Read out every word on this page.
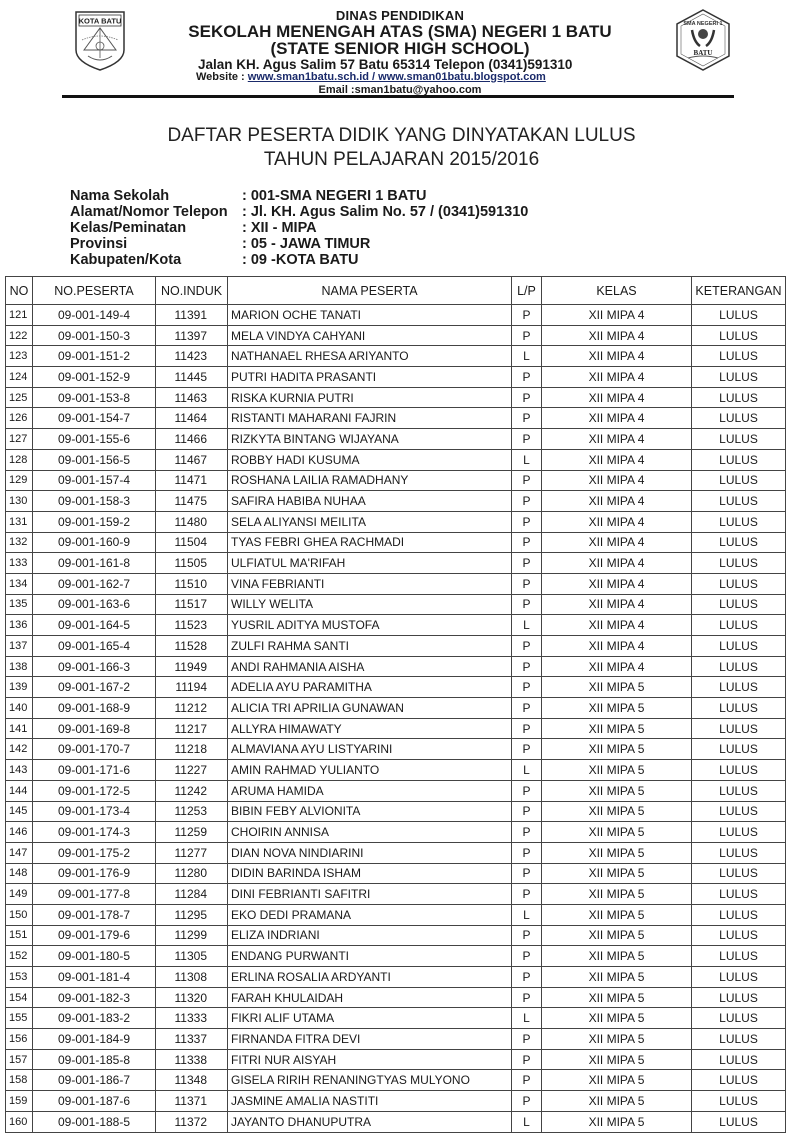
KOTA BATU	DINAS PENDIDIKAN
SEKOLAH MENENGAH ATAS (SMA) NEGERI 1 BATU
(STATE SENIOR HIGH SCHOOL)
Jalan KH. Agus Salim 57 Batu 65314 Telepon (0341)591310
Website : www.sman1batu.sch.id / www.sman01batu.blogspot.com
Email :sman1batu@yahoo.com
SMA NEGERI 1
BATU
DAFTAR PESERTA DIDIK YANG DINYATAKAN LULUS
TAHUN PELAJARAN 2015/2016
Nama Sekolah	: 001-SMA NEGERI 1 BATU
Alamat/Nomor Telepon : Jl. KH. Agus Salim No. 57 / (0341)591310
Kelas/Peminatan	: XII - MIPA
Provinsi	: 05 - JAWA TIMUR
Kabupaten/Kota	: 09 -KOTA BATU
NO	NO.PESERTA	NO.INDUK	NAMA PESERTA	L/P	KELAS	KETERANGAN
121	09-001-149-4	11391	MARION OCHE TANATI	P	XII MIPA 4	LULUS
122	09-001-150-3	11397	MELA VINDYA CAHYANI	P	XII MIPA 4	LULUS
123	09-001-151-2	11423	NATHANAEL RHESA ARIYANTO	L	XII MIPA 4	LULUS
124	09-001-152-9	11445	PUTRI HADITA PRASANTI	P	XII MIPA 4	LULUS
125	09-001-153-8	11463	RISKA KURNIA PUTRI	P	XII MIPA 4	LULUS
126	09-001-154-7	11464	RISTANTI MAHARANI FAJRIN	P	XII MIPA 4	LULUS
127	09-001-155-6	11466	RIZKYTA BINTANG WIJAYANA	P	XII MIPA 4	LULUS
128	09-001-156-5	11467	ROBBY HADI KUSUMA	L	XII MIPA 4	LULUS
129	09-001-157-4	11471	ROSHANA LAILIA RAMADHANY	P	XII MIPA 4	LULUS
130	09-001-158-3	11475	SAFIRA HABIBA NUHAA	P	XII MIPA 4	LULUS
131	09-001-159-2	11480	SELA ALIYANSI MEILITA	P	XII MIPA 4	LULUS
132	09-001-160-9	11504	TYAS FEBRI GHEA RACHMADI	P	XII MIPA 4	LULUS
133	09-001-161-8	11505	ULFIATUL MA'RIFAH	P	XII MIPA 4	LULUS
134	09-001-162-7	11510	VINA FEBRIANTI	P	XII MIPA 4	LULUS
135	09-001-163-6	11517	WILLY WELITA	P	XII MIPA 4	LULUS
136	09-001-164-5	11523	YUSRIL ADITYA MUSTOFA	L	XII MIPA 4	LULUS
137	09-001-165-4	11528	ZULFI RAHMA SANTI	P	XII MIPA 4	LULUS
138	09-001-166-3	11949	ANDI RAHMANIA AISHA	P	XII MIPA 4	LULUS
139	09-001-167-2	11194	ADELIA AYU PARAMITHA	P	XII MIPA 5	LULUS
140	09-001-168-9	11212	ALICIA TRI APRILIA GUNAWAN	P	XII MIPA 5	LULUS
141	09-001-169-8	11217	ALLYRA HIMAWATY	P	XII MIPA 5	LULUS
142	09-001-170-7	11218	ALMAVIANA AYU LISTYARINI	P	XII MIPA 5	LULUS
143	09-001-171-6	11227	AMIN RAHMAD YULIANTO	L	XII MIPA 5	LULUS
144	09-001-172-5	11242	ARUMA HAMIDA	P	XII MIPA 5	LULUS
145	09-001-173-4	11253	BIBIN FEBY ALVIONITA	P	XII MIPA 5	LULUS
146	09-001-174-3	11259	CHOIRIN ANNISA	P	XII MIPA 5	LULUS
147	09-001-175-2	11277	DIAN NOVA NINDIARINI	P	XII MIPA 5	LULUS
148	09-001-176-9	11280	DIDIN BARINDA ISHAM	P	XII MIPA 5	LULUS
149	09-001-177-8	11284	DINI FEBRIANTI SAFITRI	P	XII MIPA 5	LULUS
150	09-001-178-7	11295	EKO DEDI PRAMANA	L	XII MIPA 5	LULUS
151	09-001-179-6	11299	ELIZA INDRIANI	P	XII MIPA 5	LULUS
152	09-001-180-5	11305	ENDANG PURWANTI	P	XII MIPA 5	LULUS
153	09-001-181-4	11308	ERLINA ROSALIA ARDYANTI	P	XII MIPA 5	LULUS
154	09-001-182-3	11320	FARAH KHULAIDAH	P	XII MIPA 5	LULUS
155	09-001-183-2	11333	FIKRI ALIF UTAMA	L	XII MIPA 5	LULUS
156	09-001-184-9	11337	FIRNANDA FITRA DEVI	P	XII MIPA 5	LULUS
157	09-001-185-8	11338	FITRI NUR AISYAH	P	XII MIPA 5	LULUS
158	09-001-186-7	11348	GISELA RIRIH RENANINGTYAS MULYONO	P	XII MIPA 5	LULUS
159	09-001-187-6	11371	JASMINE AMALIA NASTITI	P	XII MIPA 5	LULUS
160	09-001-188-5	11372	JAYANTO DHANUPUTRA	L	XII MIPA 5	LULUS
